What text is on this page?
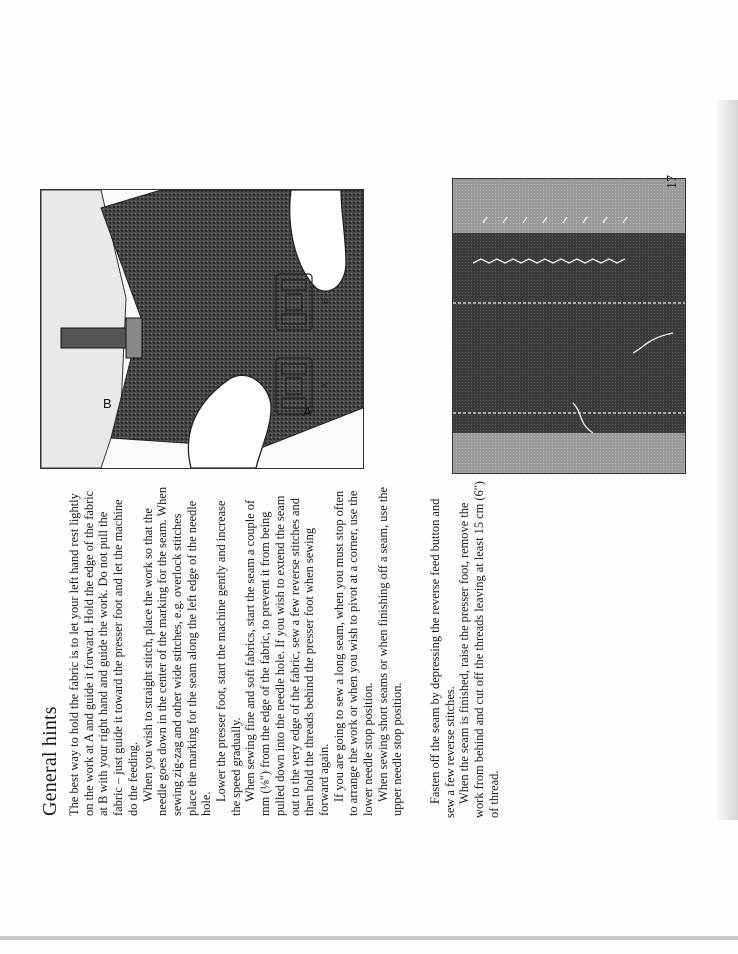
General hints The best way to hold the fabric is to let your left hand rest lightly on the work at A and guide it forward. Hold the edge of the fabric at B with your right hand and guide the work. Do not pull the fabric – just guide it toward the presser foot and let the machine do the feeding. When you wish to straight stitch, place the work so that the needle goes down in the center of the marking for the seam. When sewing zig-zag and other wide stitches, e.g. overlock stitches place the marking for the seam along the left edge of the needle hole.

Lower the presser foot, start the machine gently and increase the speed gradually. When sewing fine and soft fabrics, start the seam a couple of mm (⅛") from the edge of the fabric, to prevent it from being pulled down into the needle hole. If you wish to extend the seam out to the very edge of the fabric, sew a few reverse stitches and then hold the threads behind the presser foot when sewing forward again. If you are going to sew a long seam, when you must stop often to arrange the work or when you wish to pivot at a corner, use the lower needle stop position. When sewing short seams or when finishing off a seam, use the upper needle stop position. Fasten off the seam by depressing the reverse feed button and sew a few reverse stitches. When the seam is finished, raise the presser foot, remove the work from behind and cut off the threads leaving at least 15 cm (6") of thread.

A
B
A
B
17
